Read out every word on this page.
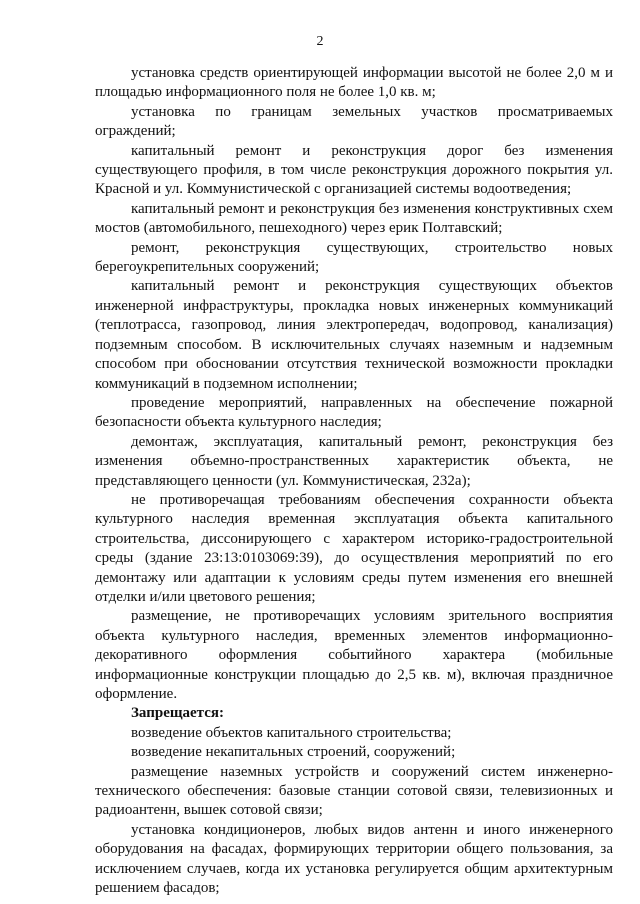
2

установка средств ориентирующей информации высотой не более 2,0 м и площадью информационного поля не более 1,0 кв. м;

установка по границам земельных участков просматриваемых ограждений;

капитальный ремонт и реконструкция дорог без изменения существующего профиля, в том числе реконструкция дорожного покрытия ул. Красной и ул. Коммунистической с организацией системы водоотведения;

капитальный ремонт и реконструкция без изменения конструктивных схем мостов (автомобильного, пешеходного) через ерик Полтавский;

ремонт, реконструкция существующих, строительство новых берегоукрепительных сооружений;

капитальный ремонт и реконструкция существующих объектов инженерной инфраструктуры, прокладка новых инженерных коммуникаций (теплотрасса, газопровод, линия электропередач, водопровод, канализация) подземным способом. В исключительных случаях наземным и надземным способом при обосновании отсутствия технической возможности прокладки коммуникаций в подземном исполнении;

проведение мероприятий, направленных на обеспечение пожарной безопасности объекта культурного наследия;

демонтаж, эксплуатация, капитальный ремонт, реконструкция без изменения объемно-пространственных характеристик объекта, не представляющего ценности (ул. Коммунистическая, 232а);

не противоречащая требованиям обеспечения сохранности объекта культурного наследия временная эксплуатация объекта капитального строительства, диссонирующего с характером историко-градостроительной среды (здание 23:13:0103069:39), до осуществления мероприятий по его демонтажу или адаптации к условиям среды путем изменения его внешней отделки и/или цветового решения;

размещение, не противоречащих условиям зрительного восприятия объекта культурного наследия, временных элементов информационно-декоративного оформления событийного характера (мобильные информационные конструкции площадью до 2,5 кв. м), включая праздничное оформление.

Запрещается:

возведение объектов капитального строительства;

возведение некапитальных строений, сооружений;

размещение наземных устройств и сооружений систем инженерно-технического обеспечения: базовые станции сотовой связи, телевизионных и радиоантенн, вышек сотовой связи;

установка кондиционеров, любых видов антенн и иного инженерного оборудования на фасадах, формирующих территории общего пользования, за исключением случаев, когда их установка регулируется общим архитектурным решением фасадов;
